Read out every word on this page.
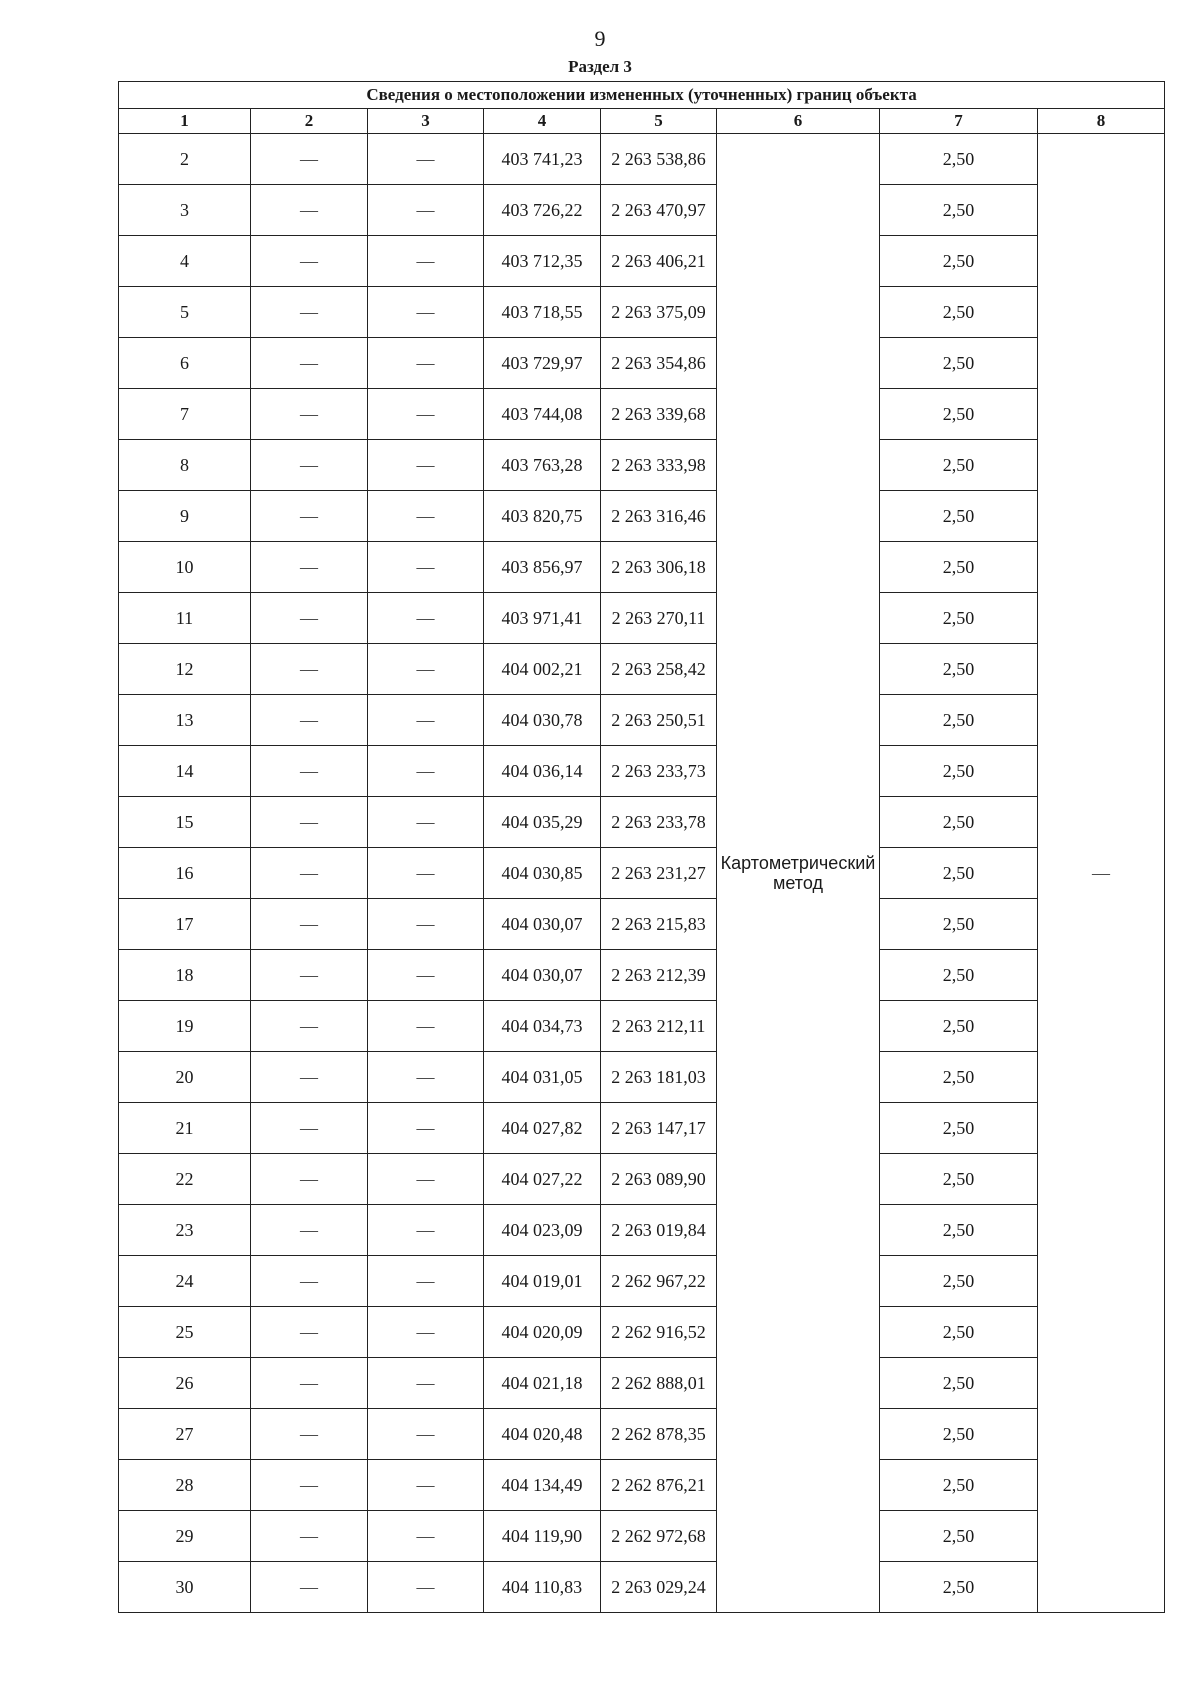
9
Раздел 3
Сведения о местоположении измененных (уточненных) границ объекта							
1	2	3	4	5	6	7	8
2	—	—	403 741,23	2 263 538,86	Картометрический метод	2,50	—
3	—	—	403 726,22	2 263 470,97		2,50	
4	—	—	403 712,35	2 263 406,21		2,50	
5	—	—	403 718,55	2 263 375,09		2,50	
6	—	—	403 729,97	2 263 354,86		2,50	
7	—	—	403 744,08	2 263 339,68		2,50	
8	—	—	403 763,28	2 263 333,98		2,50	
9	—	—	403 820,75	2 263 316,46		2,50	
10	—	—	403 856,97	2 263 306,18		2,50	
11	—	—	403 971,41	2 263 270,11		2,50	
12	—	—	404 002,21	2 263 258,42		2,50	
13	—	—	404 030,78	2 263 250,51		2,50	
14	—	—	404 036,14	2 263 233,73		2,50	
15	—	—	404 035,29	2 263 233,78		2,50	
16	—	—	404 030,85	2 263 231,27		2,50	
17	—	—	404 030,07	2 263 215,83		2,50	
18	—	—	404 030,07	2 263 212,39		2,50	
19	—	—	404 034,73	2 263 212,11		2,50	
20	—	—	404 031,05	2 263 181,03		2,50	
21	—	—	404 027,82	2 263 147,17		2,50	
22	—	—	404 027,22	2 263 089,90		2,50	
23	—	—	404 023,09	2 263 019,84		2,50	
24	—	—	404 019,01	2 262 967,22		2,50	
25	—	—	404 020,09	2 262 916,52		2,50	
26	—	—	404 021,18	2 262 888,01		2,50	
27	—	—	404 020,48	2 262 878,35		2,50	
28	—	—	404 134,49	2 262 876,21		2,50	
29	—	—	404 119,90	2 262 972,68		2,50	
30	—	—	404 110,83	2 263 029,24		2,50	
